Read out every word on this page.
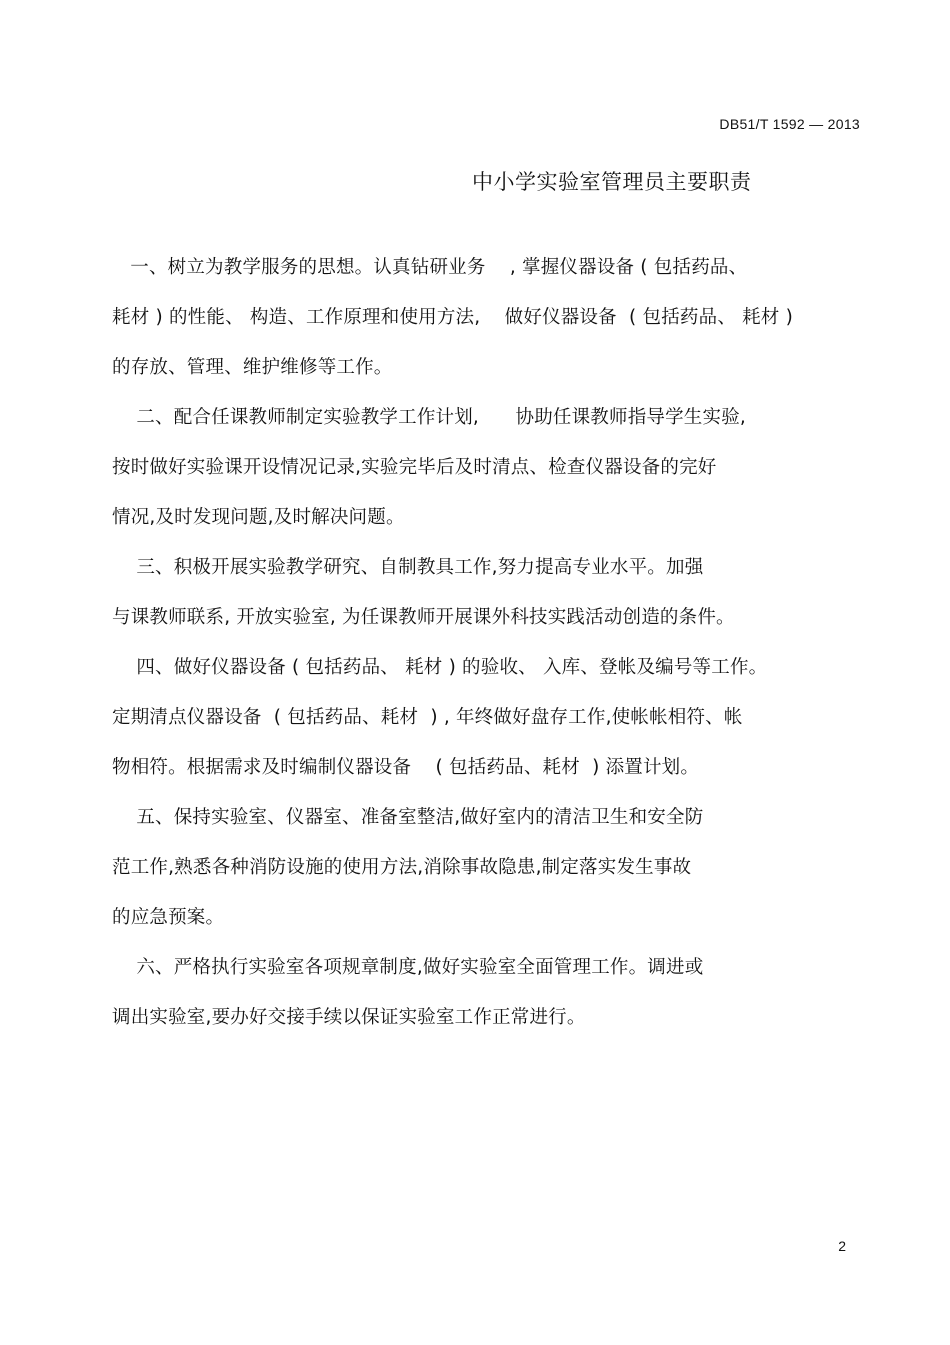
DB51/T 1592 — 2013
中小学实验室管理员主要职责
一、树立为教学服务的思想。认真钻研业务    , 掌握仪器设备 ( 包括药品、
耗材 ) 的性能、 构造、工作原理和使用方法,    做好仪器设备  ( 包括药品、 耗材 )
的存放、管理、维护维修等工作。
二、配合任课教师制定实验教学工作计划,      协助任课教师指导学生实验,
按时做好实验课开设情况记录,实验完毕后及时清点、检查仪器设备的完好
情况,及时发现问题,及时解决问题。
三、积极开展实验教学研究、自制教具工作,努力提高专业水平。加强
与课教师联系, 开放实验室, 为任课教师开展课外科技实践活动创造的条件。
四、做好仪器设备 ( 包括药品、 耗材 ) 的验收、 入库、登帐及编号等工作。
定期清点仪器设备  ( 包括药品、耗材  ) , 年终做好盘存工作,使帐帐相符、帐
物相符。根据需求及时编制仪器设备    ( 包括药品、耗材  ) 添置计划。
五、保持实验室、仪器室、准备室整洁,做好室内的清洁卫生和安全防
范工作,熟悉各种消防设施的使用方法,消除事故隐患,制定落实发生事故
的应急预案。
六、严格执行实验室各项规章制度,做好实验室全面管理工作。调进或
调出实验室,要办好交接手续以保证实验室工作正常进行。
2
